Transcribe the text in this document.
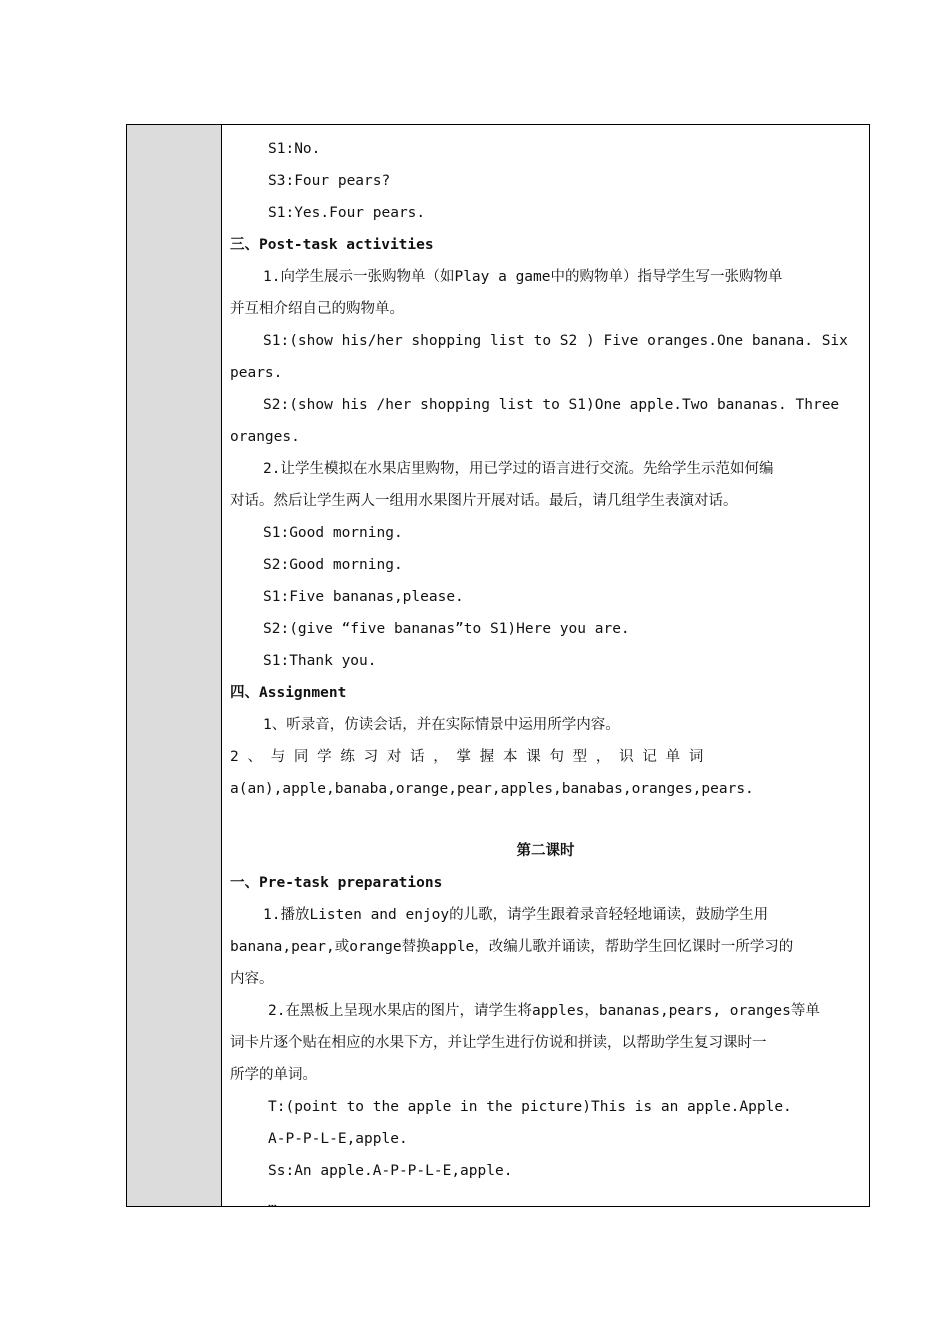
S1:No.
S3:Four pears?
S1:Yes.Four pears.
三、Post-task activities
1.向学生展示一张购物单（如Play a game中的购物单）指导学生写一张购物单
并互相介绍自己的购物单。
S1:(show his/her shopping list to S2 ) Five oranges.One banana. Six
pears.
S2:(show his /her shopping list to S1)One apple.Two bananas. Three
oranges.
2.让学生模拟在水果店里购物，用已学过的语言进行交流。先给学生示范如何编
对话。然后让学生两人一组用水果图片开展对话。最后，请几组学生表演对话。
S1:Good morning.
S2:Good morning.
S1:Five bananas,please.
S2:(give “five bananas”to S1)Here you are.
S1:Thank you.
四、Assignment
1、听录音，仿读会话，并在实际情景中运用所学内容。
2 、 与 同 学 练 习 对 话 ， 掌 握 本 课 句 型 ， 识 记 单 词
a(an),apple,banaba,orange,pear,apples,banabas,oranges,pears.
第二课时
一、Pre-task preparations
1.播放Listen and enjoy的儿歌，请学生跟着录音轻轻地诵读，鼓励学生用
banana,pear,或orange替换apple，改编儿歌并诵读，帮助学生回忆课时一所学习的
内容。
2.在黑板上呈现水果店的图片，请学生将apples，bananas,pears, oranges等单
词卡片逐个贴在相应的水果下方，并让学生进行仿说和拼读，以帮助学生复习课时一
所学的单词。
T:(point to the apple in the picture)This is an apple.Apple.
A-P-P-L-E,apple.
Ss:An apple.A-P-P-L-E,apple.
…
